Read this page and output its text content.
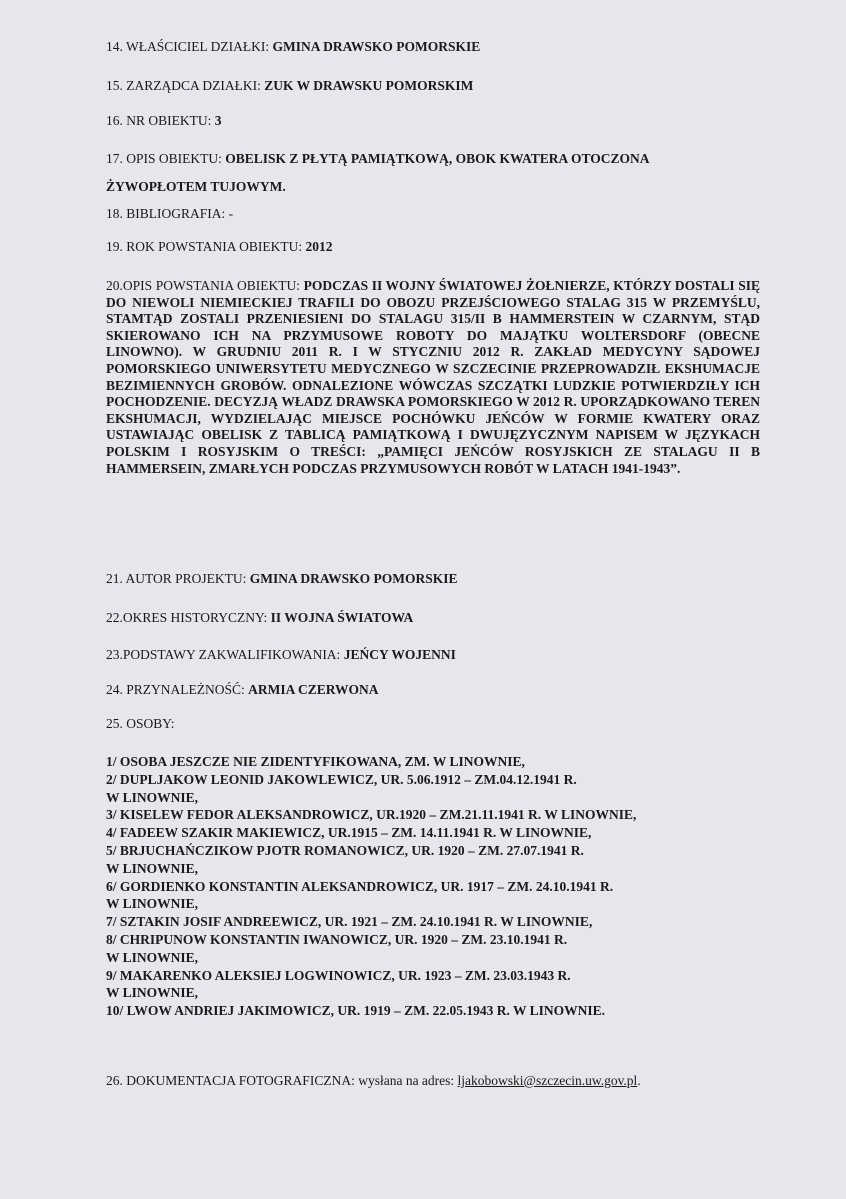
14. WŁAŚCICIEL DZIAŁKI: GMINA DRAWSKO POMORSKIE
15. ZARZĄDCA DZIAŁKI: ZUK W DRAWSKU POMORSKIM
16. NR OBIEKTU: 3
17. OPIS OBIEKTU: OBELISK Z PŁYTĄ PAMIĄTKOWĄ, OBOK KWATERA OTOCZONA
ŻYWOPŁOTEM TUJOWYM.
18. BIBLIOGRAFIA: -
19. ROK POWSTANIA OBIEKTU: 2012
20.OPIS POWSTANIA OBIEKTU: PODCZAS II WOJNY ŚWIATOWEJ ŻOŁNIERZE, KTÓRZY DOSTALI SIĘ DO NIEWOLI NIEMIECKIEJ TRAFILI DO OBOZU PRZEJŚCIOWEGO STALAG 315 W PRZEMYŚLU, STAMTĄD ZOSTALI PRZENIESIENI DO STALAGU 315/II B HAMMERSTEIN W CZARNYM, STĄD SKIEROWANO ICH NA PRZYMUSOWE ROBOTY DO MAJĄTKU WOLTERSDORF (OBECNE LINOWNO). W GRUDNIU 2011 R. I W STYCZNIU 2012 R. ZAKŁAD MEDYCYNY SĄDOWEJ POMORSKIEGO UNIWERSYTETU MEDYCZNEGO W SZCZECINIE PRZEPROWADZIŁ EKSHUMACJE BEZIMIENNYCH GROBÓW. ODNALEZIONE WÓWCZAS SZCZĄTKI LUDZKIE POTWIERDZIŁY ICH POCHODZENIE. DECYZJĄ WŁADZ DRAWSKA POMORSKIEGO W 2012 R. UPORZĄDKOWANO TEREN EKSHUMACJI, WYDZIELAJĄC MIEJSCE POCHÓWKU JEŃCÓW W FORMIE KWATERY ORAZ USTAWIAJĄC OBELISK Z TABLICĄ PAMIĄTKOWĄ I DWUJĘZYCZNYM NAPISEM W JĘZYKACH POLSKIM I ROSYJSKIM O TREŚCI: „PAMIĘCI JEŃCÓW ROSYJSKICH ZE STALAGU II B HAMMERSEIN, ZMARŁYCH PODCZAS PRZYMUSOWYCH ROBÓT W LATACH 1941-1943”.
21. AUTOR PROJEKTU: GMINA DRAWSKO POMORSKIE
22.OKRES HISTORYCZNY: II WOJNA ŚWIATOWA
23.PODSTAWY ZAKWALIFIKOWANIA: JEŃCY WOJENNI
24. PRZYNALEŻNOŚĆ: ARMIA CZERWONA
25. OSOBY:
1/ OSOBA JESZCZE NIE ZIDENTYFIKOWANA, ZM. W LINOWNIE,
2/ DUPLJAKOW LEONID JAKOWLEWICZ, UR. 5.06.1912 – ZM.04.12.1941 R.
W LINOWNIE,
3/ KISELEW FEDOR ALEKSANDROWICZ, UR.1920 – ZM.21.11.1941 R. W LINOWNIE,
4/ FADEEW SZAKIR MAKIEWICZ, UR.1915 – ZM. 14.11.1941 R. W LINOWNIE,
5/ BRJUCHAŃCZIKOW PJOTR ROMANOWICZ, UR. 1920 – ZM. 27.07.1941 R.
W LINOWNIE,
6/ GORDIENKO KONSTANTIN ALEKSANDROWICZ, UR. 1917 – ZM. 24.10.1941 R.
W LINOWNIE,
7/ SZTAKIN JOSIF ANDREEWICZ, UR. 1921 – ZM. 24.10.1941 R. W LINOWNIE,
8/ CHRIPUNOW KONSTANTIN IWANOWICZ, UR. 1920 – ZM. 23.10.1941 R.
W LINOWNIE,
9/ MAKARENKO ALEKSIEJ LOGWINOWICZ, UR. 1923 – ZM. 23.03.1943 R.
W LINOWNIE,
10/ LWOW ANDRIEJ JAKIMOWICZ, UR. 1919 – ZM. 22.05.1943 R. W LINOWNIE.
26. DOKUMENTACJA FOTOGRAFICZNA: wysłana na adres: ljakobowski@szczecin.uw.gov.pl.
